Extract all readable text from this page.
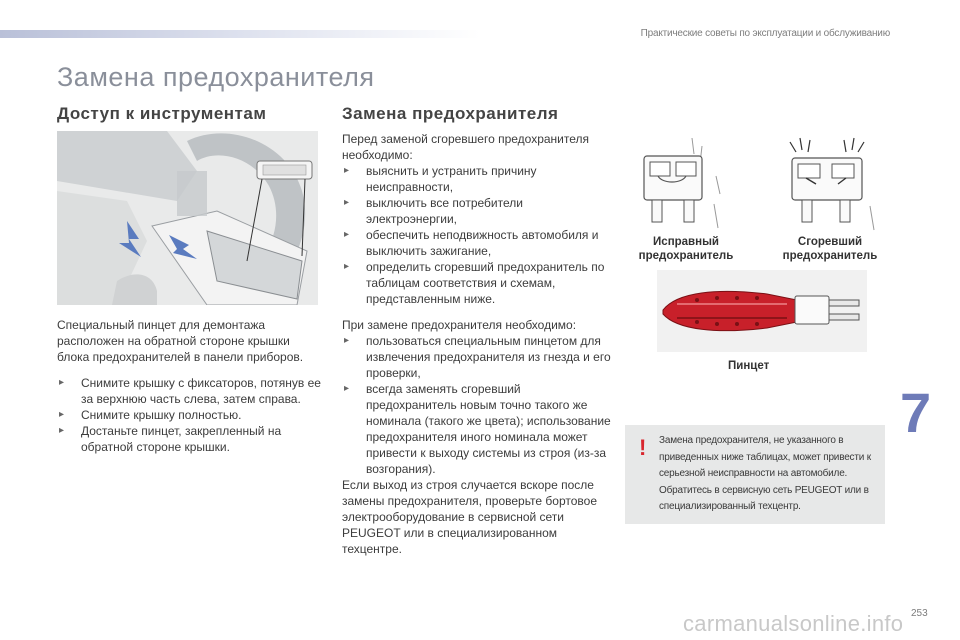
Практические советы по эксплуатации и обслуживанию
Замена предохранителя
Доступ к инструментам
Специальный пинцет для демонтажа расположен на обратной стороне крышки блока предохранителей в панели приборов.
▸ Снимите крышку с фиксаторов, потянув ее за верхнюю часть слева, затем справа.
▸ Снимите крышку полностью.
▸ Достаньте пинцет, закрепленный на обратной стороне крышки.
Замена предохранителя
Перед заменой сгоревшего предохранителя необходимо:
▸ выяснить и устранить причину неисправности,
▸ выключить все потребители электроэнергии,
▸ обеспечить неподвижность автомобиля и выключить зажигание,
▸ определить сгоревший предохранитель по таблицам соответствия и схемам, представленным ниже.
При замене предохранителя необходимо:
▸ пользоваться специальным пинцетом для извлечения предохранителя из гнезда и его проверки,
▸ всегда заменять сгоревший предохранитель новым точно такого же номинала (такого же цвета); использование предохранителя иного номинала может привести к выходу системы из строя (из-за возгорания).
Если выход из строя случается вскоре после замены предохранителя, проверьте бортовое электрооборудование в сервисной сети PEUGEOT или в специализированном техцентре.
Исправный предохранитель
Сгоревший предохранитель
Пинцет
7
! Замена предохранителя, не указанного в приведенных ниже таблицах, может привести к серьезной неисправности на автомобиле. Обратитесь в сервисную сеть PEUGEOT или в специализированный техцентр.
carmanualsonline.info 253
